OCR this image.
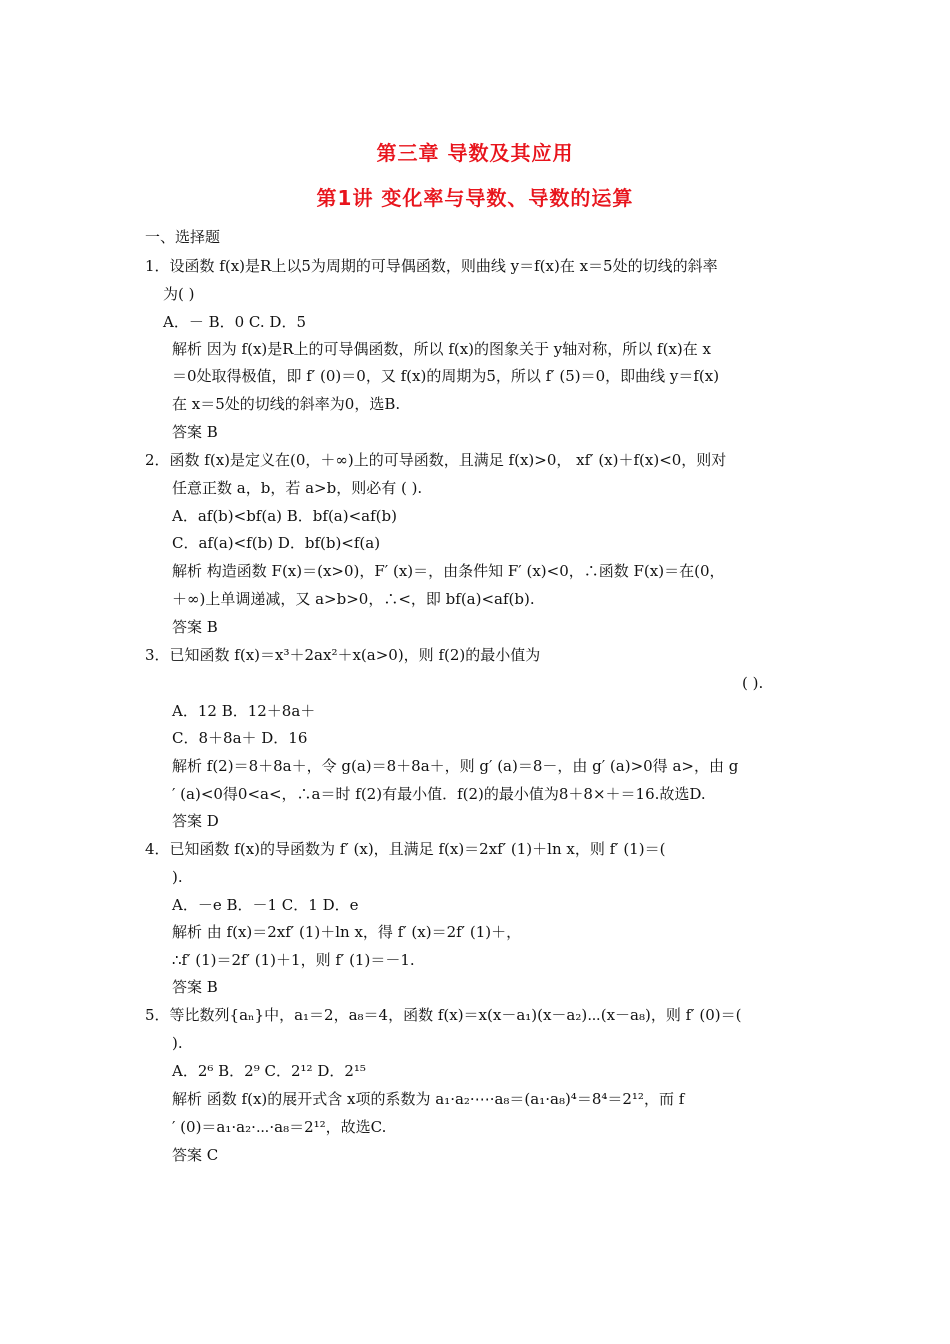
第三章 导数及其应用
第1讲 变化率与导数、导数的运算
一、选择题
1．设函数 f(x)是R上以5为周期的可导偶函数，则曲线 y＝f(x)在 x＝5处的切线的斜率
为( )
A．－ B．0 C. D．5
解析 因为 f(x)是R上的可导偶函数，所以 f(x)的图象关于 y轴对称，所以 f(x)在 x
＝0处取得极值，即 f′ (0)＝0，又 f(x)的周期为5，所以 f′ (5)＝0，即曲线 y＝f(x)
在 x＝5处的切线的斜率为0，选B.
答案 B
2．函数 f(x)是定义在(0，＋∞)上的可导函数，且满足 f(x)>0， xf′ (x)＋f(x)<0，则对
任意正数 a，b，若 a>b，则必有 ( ).
A．af(b)<bf(a) B．bf(a)<af(b)
C．af(a)<f(b) D．bf(b)<f(a)
解析 构造函数 F(x)＝(x>0)，F′ (x)＝，由条件知 F′ (x)<0，∴函数 F(x)＝在(0，
＋∞)上单调递减，又 a>b>0，∴<，即 bf(a)<af(b).
答案 B
3．已知函数 f(x)＝x³＋2ax²＋x(a>0)，则 f(2)的最小值为
( ).
A．12 B．12＋8a＋
C．8＋8a＋ D．16
解析 f(2)＝8＋8a＋，令 g(a)＝8＋8a＋，则 g′ (a)＝8－，由 g′ (a)>0得 a>，由 g
′ (a)<0得0<a<，∴a＝时 f(2)有最小值．f(2)的最小值为8＋8×＋＝16.故选D.
答案 D
4．已知函数 f(x)的导函数为 f′ (x)，且满足 f(x)＝2xf′ (1)＋ln x，则 f′ (1)＝(
).
A．－e B．－1 C．1 D．e
解析 由 f(x)＝2xf′ (1)＋ln x，得 f′ (x)＝2f′ (1)＋，
∴f′ (1)＝2f′ (1)＋1，则 f′ (1)＝－1.
答案 B
5．等比数列{aₙ}中，a₁＝2，a₈＝4，函数 f(x)＝x(x－a₁)(x－a₂)⋯(x－a₈)，则 f′ (0)＝(
).
A．2⁶ B．2⁹ C．2¹² D．2¹⁵
解析 函数 f(x)的展开式含 x项的系数为 a₁·a₂·⋯·a₈＝(a₁·a₈)⁴＝8⁴＝2¹²，而 f
′ (0)＝a₁·a₂·⋯·a₈＝2¹²，故选C.
答案 C
